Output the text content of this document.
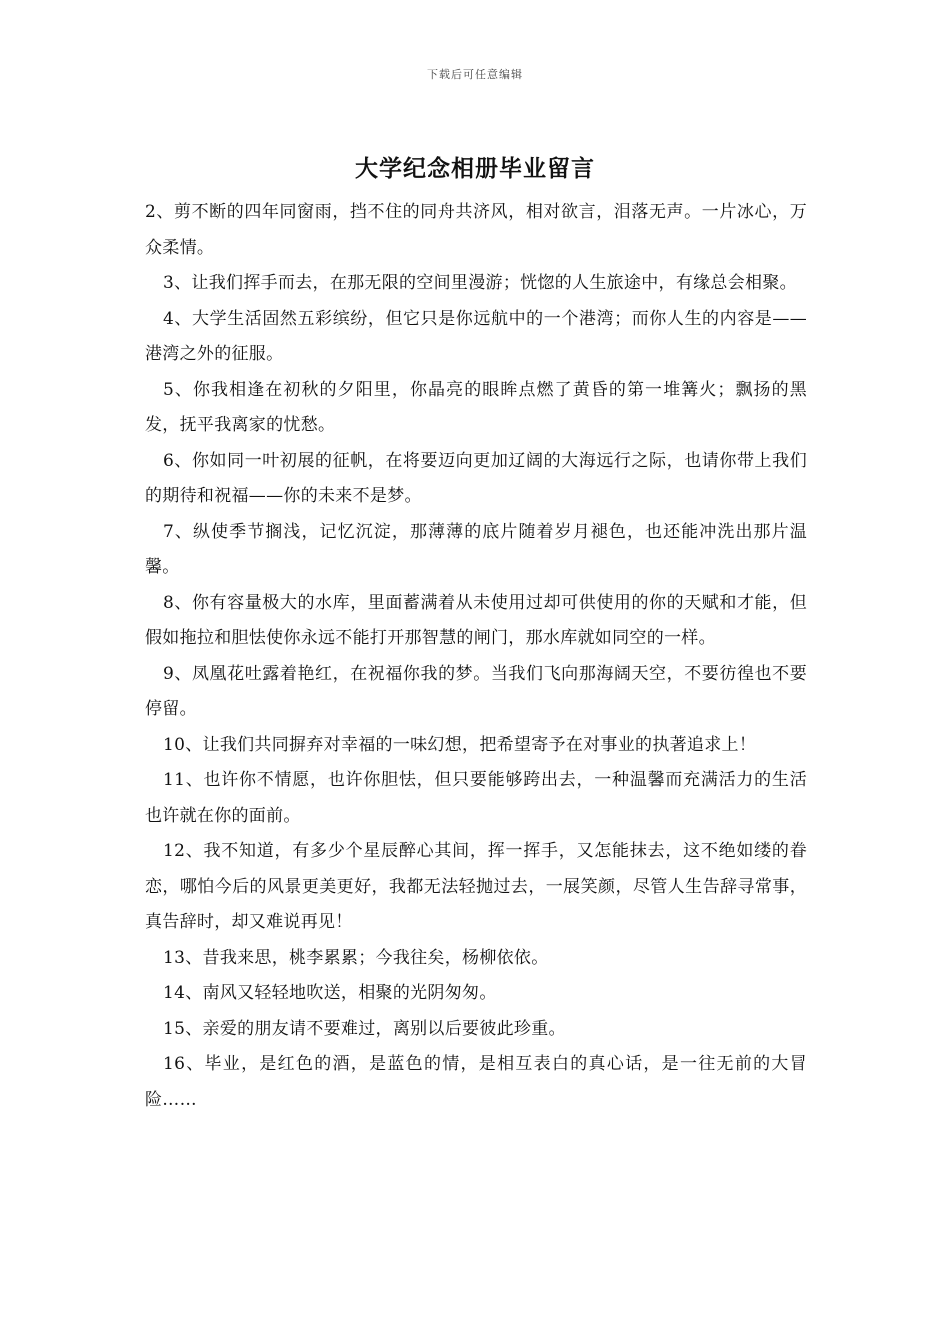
下载后可任意编辑
大学纪念相册毕业留言

2、剪不断的四年同窗雨，挡不住的同舟共济风，相对欲言，泪落无声。一片冰心，万众柔情。

3、让我们挥手而去，在那无限的空间里漫游；恍惚的人生旅途中，有缘总会相聚。

4、大学生活固然五彩缤纷，但它只是你远航中的一个港湾；而你人生的内容是——港湾之外的征服。

5、你我相逢在初秋的夕阳里，你晶亮的眼眸点燃了黄昏的第一堆篝火；飘扬的黑发，抚平我离家的忧愁。

6、你如同一叶初展的征帆，在将要迈向更加辽阔的大海远行之际，也请你带上我们的期待和祝福——你的未来不是梦。

7、纵使季节搁浅，记忆沉淀，那薄薄的底片随着岁月褪色，也还能冲洗出那片温馨。

8、你有容量极大的水库，里面蓄满着从未使用过却可供使用的你的天赋和才能，但假如拖拉和胆怯使你永远不能打开那智慧的闸门，那水库就如同空的一样。

9、凤凰花吐露着艳红，在祝福你我的梦。当我们飞向那海阔天空，不要彷徨也不要停留。

10、让我们共同摒弃对幸福的一味幻想，把希望寄予在对事业的执著追求上！

11、也许你不情愿，也许你胆怯，但只要能够跨出去，一种温馨而充满活力的生活也许就在你的面前。

12、我不知道，有多少个星辰醉心其间，挥一挥手，又怎能抹去，这不绝如缕的眷恋，哪怕今后的风景更美更好，我都无法轻抛过去，一展笑颜，尽管人生告辞寻常事，真告辞时，却又难说再见！

13、昔我来思，桃李累累；今我往矣，杨柳依依。

14、南风又轻轻地吹送，相聚的光阴匆匆。

15、亲爱的朋友请不要难过，离别以后要彼此珍重。

16、毕业，是红色的酒，是蓝色的情，是相互表白的真心话，是一往无前的大冒险……
